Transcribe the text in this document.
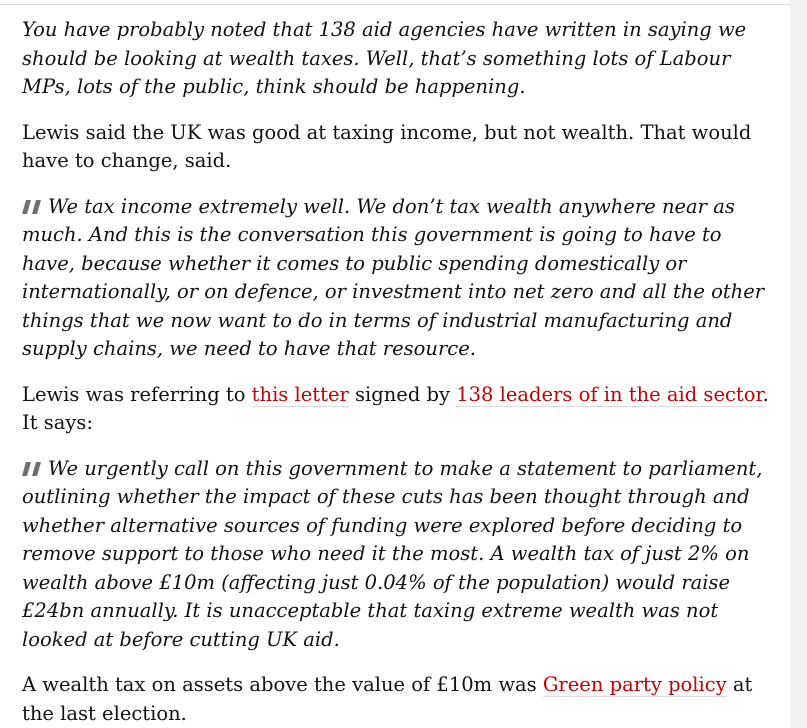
You have probably noted that 138 aid agencies have written in saying we should be looking at wealth taxes. Well, that’s something lots of Labour MPs, lots of the public, think should be happening.

Lewis said the UK was good at taxing income, but not wealth. That would have to change, said.

We tax income extremely well. We don’t tax wealth anywhere near as much. And this is the conversation this government is going to have to have, because whether it comes to public spending domestically or internationally, or on defence, or investment into net zero and all the other things that we now want to do in terms of industrial manufacturing and supply chains, we need to have that resource.

Lewis was referring to this letter signed by 138 leaders of in the aid sector. It says:

We urgently call on this government to make a statement to parliament, outlining whether the impact of these cuts has been thought through and whether alternative sources of funding were explored before deciding to remove support to those who need it the most. A wealth tax of just 2% on wealth above £10m (affecting just 0.04% of the population) would raise £24bn annually. It is unacceptable that taxing extreme wealth was not looked at before cutting UK aid.

A wealth tax on assets above the value of £10m was Green party policy at the last election.
